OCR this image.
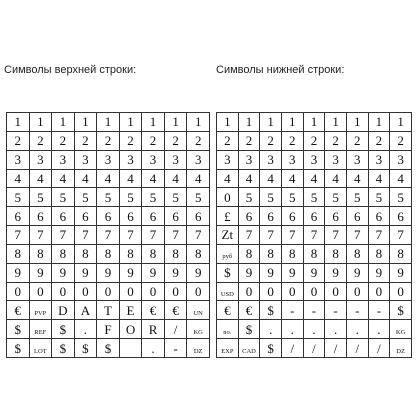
Символы верхней строки:	Символы нижней строки:
1	1	1	1	1	1	1	1	1
2	2	2	2	2	2	2	2	2
3	3	3	3	3	3	3	3	3
4	4	4	4	4	4	4	4	4
5	5	5	5	5	5	5	5	5
6	6	6	6	6	6	6	6	6
7	7	7	7	7	7	7	7	7
8	8	8	8	8	8	8	8	8
9	9	9	9	9	9	9	9	9
0	0	0	0	0	0	0	0	0
€	PVP	D	A	T	E	€	€	UN
$	REF	$	.	F	O	R	/	KG
$	LOT	$	$	$		.	-	DZ
1	1	1	1	1	1	1	1	1
2	2	2	2	2	2	2	2	2
3	3	3	3	3	3	3	3	3
4	4	4	4	4	4	4	4	4
0	5	5	5	5	5	5	5	5
£	6	6	6	6	6	6	6	6
Zt	7	7	7	7	7	7	7	7
pyб	8	8	8	8	8	8	8	8
$	9	9	9	9	9	9	9	9
USD	0	0	0	0	0	0	0	0
€	€	$	-	-	-	-	-	$
no.	$	.	.	.	.	.	.	KG
EXP	CAD	$	/	/	/	/	/	DZ
